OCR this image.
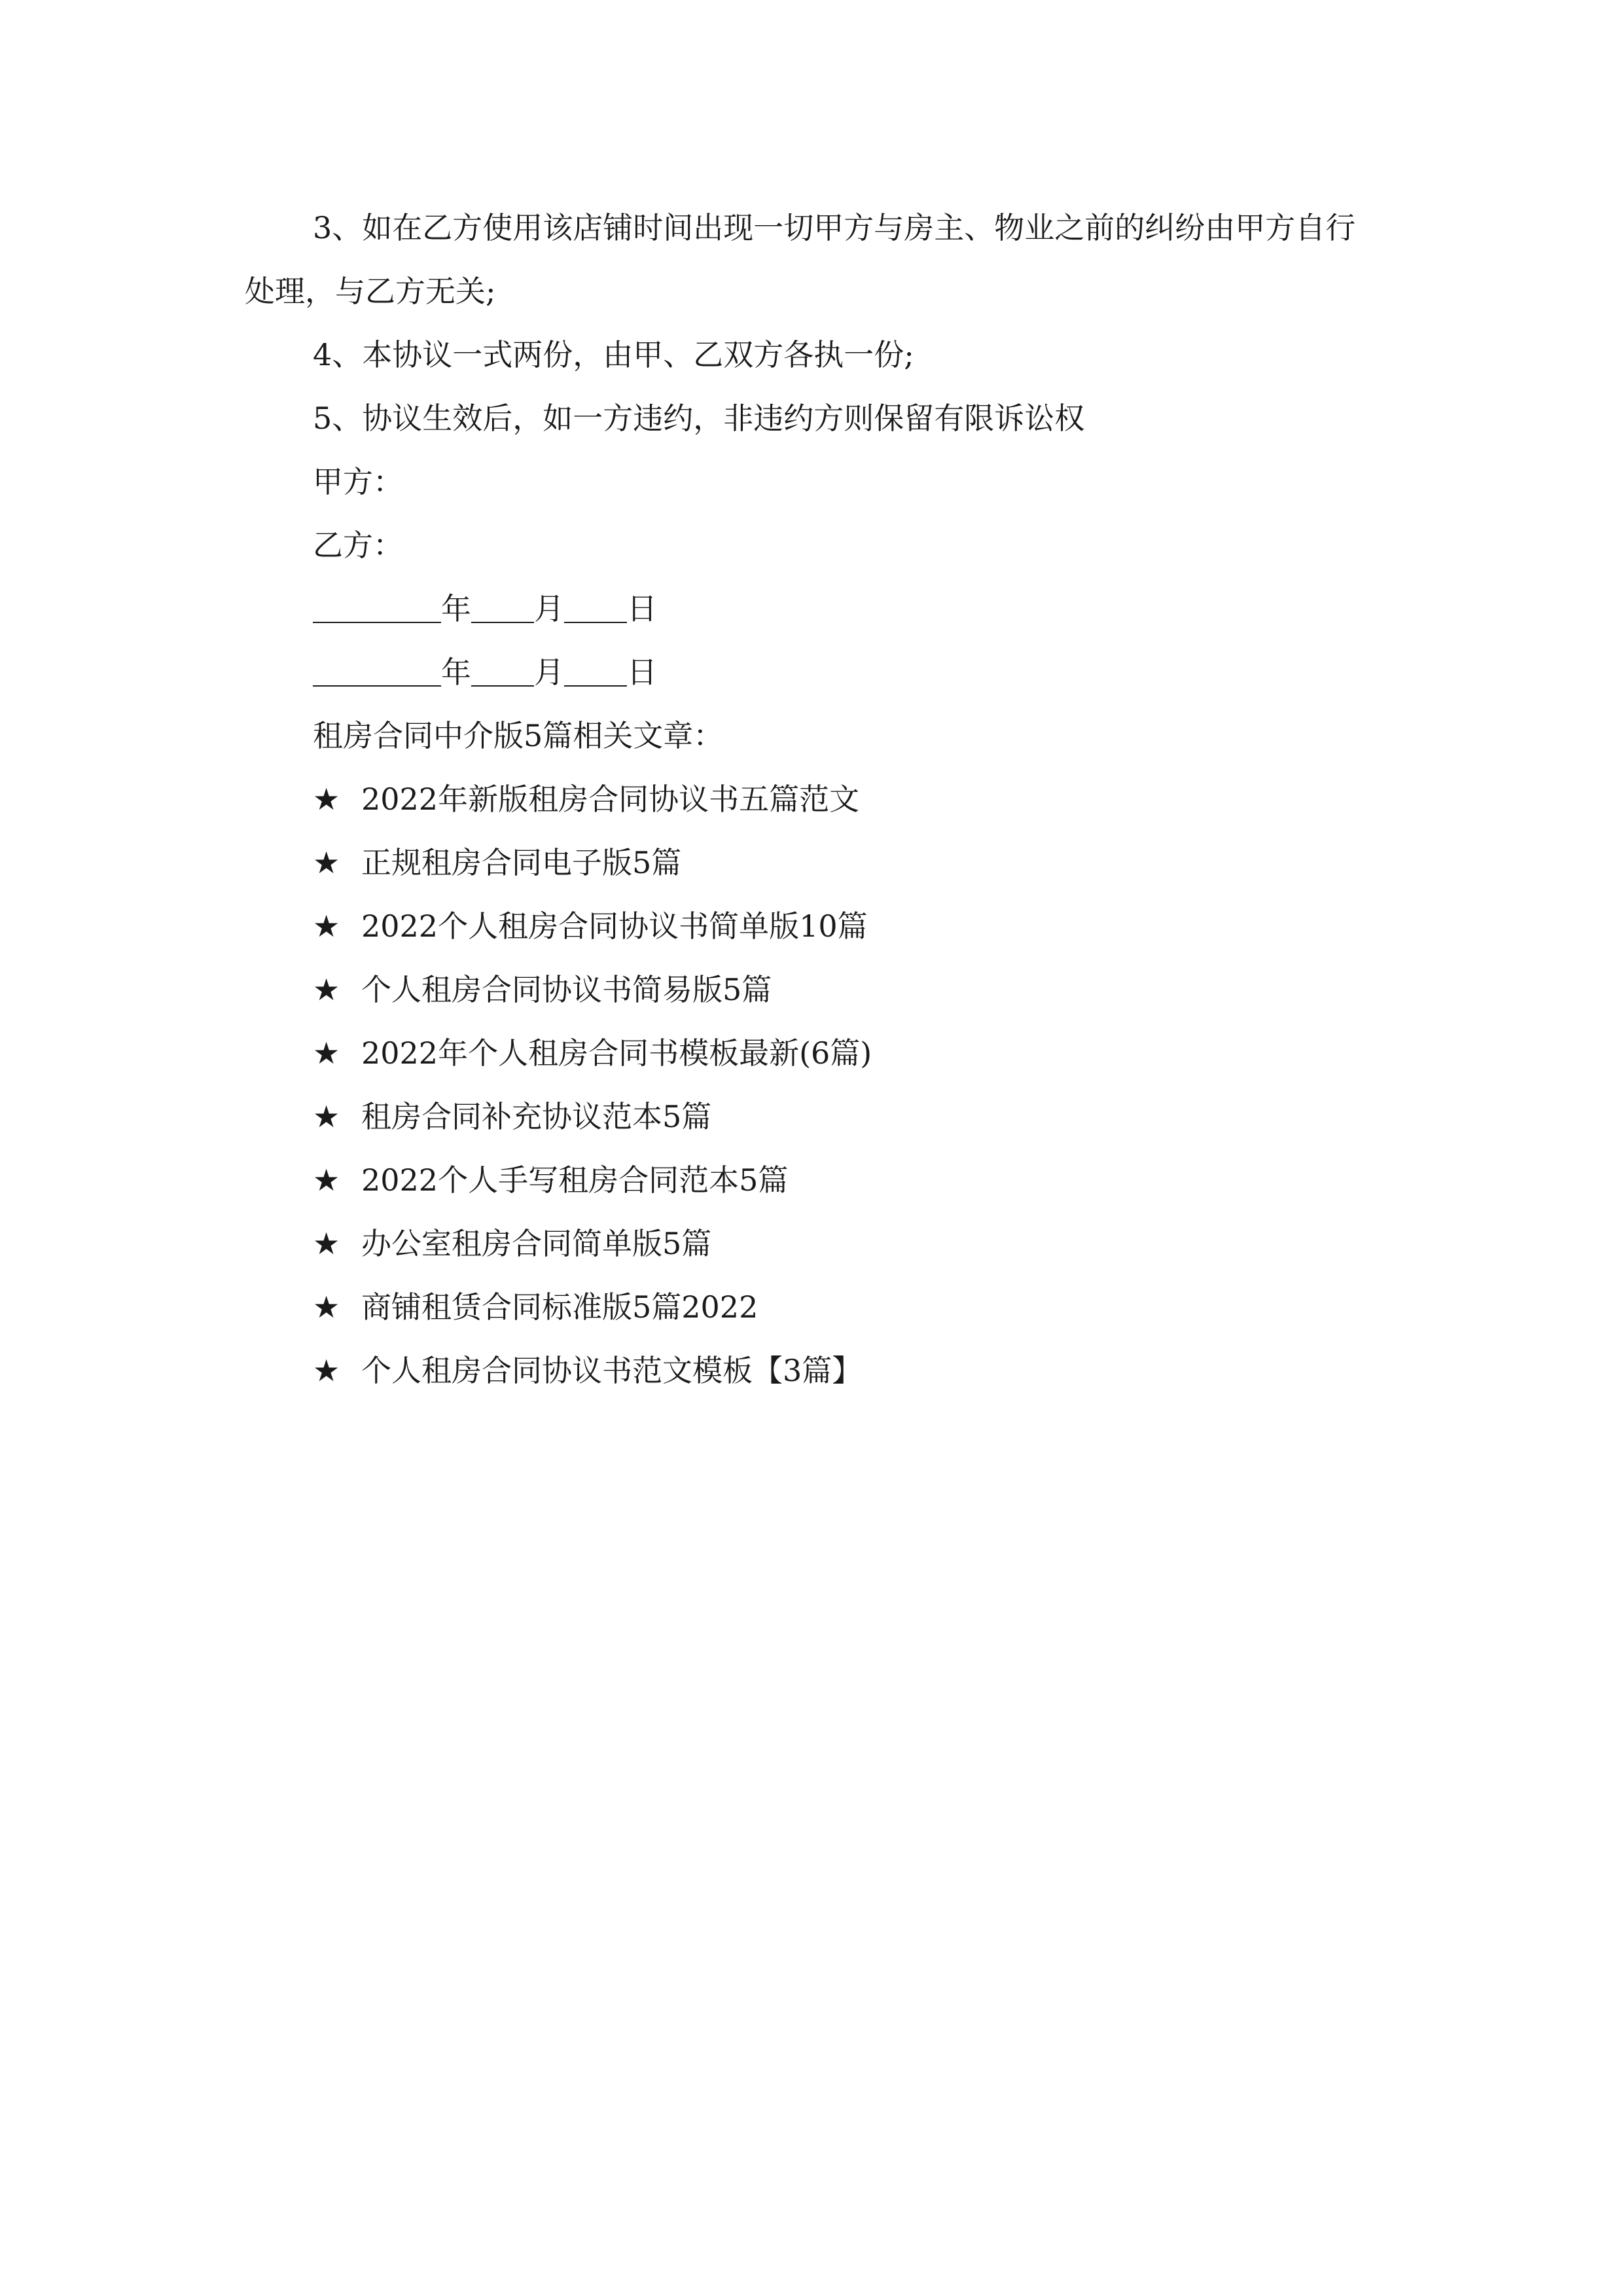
3、如在乙方使用该店铺时间出现一切甲方与房主、物业之前的纠纷由甲方自行处理，与乙方无关;

4、本协议一式两份，由甲、乙双方各执一份;

5、协议生效后，如一方违约，非违约方则保留有限诉讼权

甲方：

乙方：

年 月 日

年 月 日

租房合同中介版5篇相关文章：

★ 2022年新版租房合同协议书五篇范文

★ 正规租房合同电子版5篇

★ 2022个人租房合同协议书简单版10篇

★ 个人租房合同协议书简易版5篇

★ 2022年个人租房合同书模板最新(6篇)

★ 租房合同补充协议范本5篇

★ 2022个人手写租房合同范本5篇

★ 办公室租房合同简单版5篇

★ 商铺租赁合同标准版5篇2022

★ 个人租房合同协议书范文模板【3篇】
